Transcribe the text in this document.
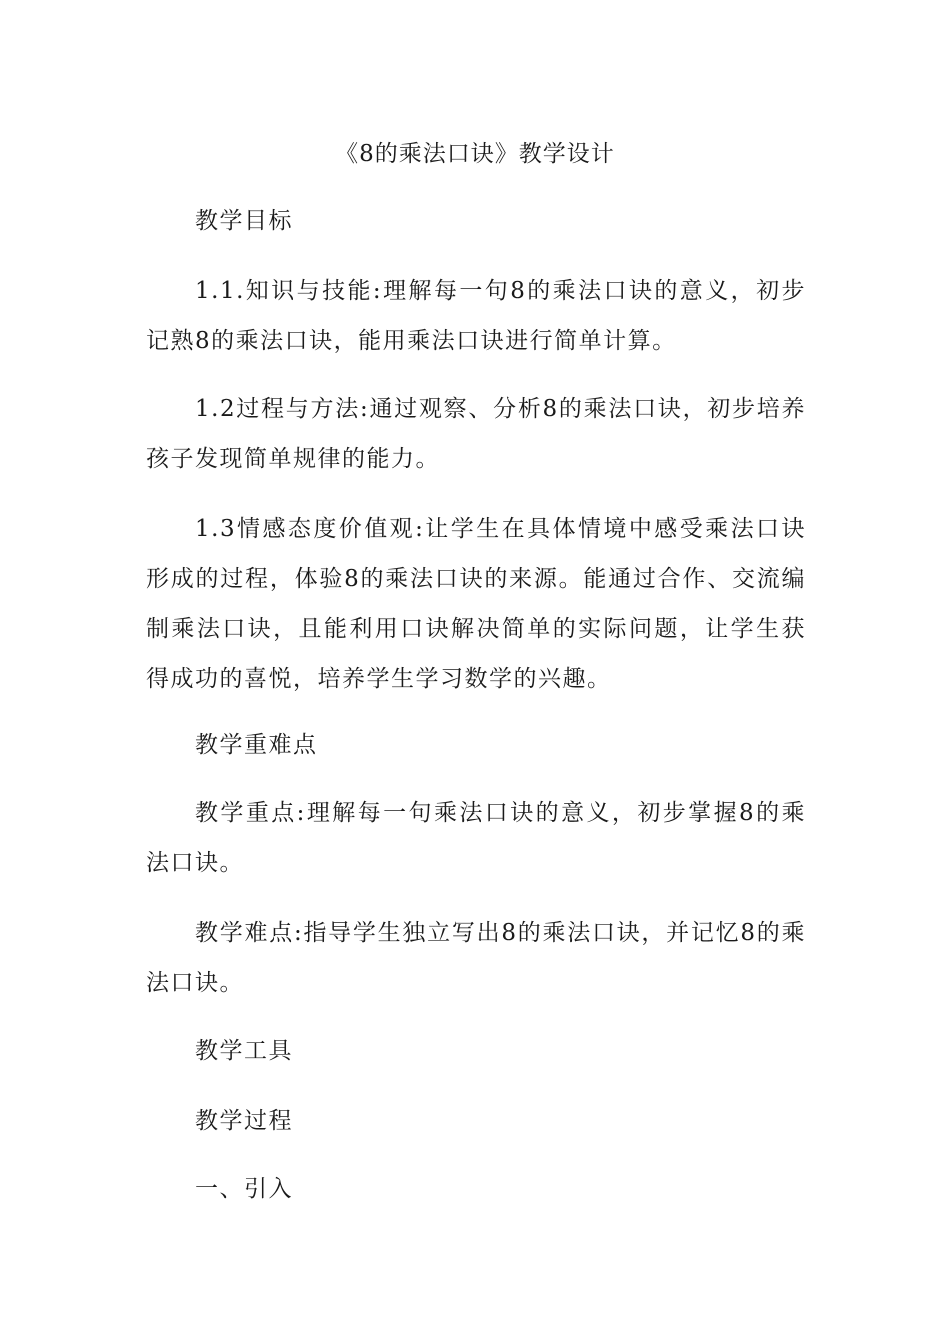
《8的乘法口诀》教学设计

教学目标

1.1.知识与技能:理解每一句8的乘法口诀的意义，初步记熟8的乘法口诀，能用乘法口诀进行简单计算。

1.2过程与方法:通过观察、分析8的乘法口诀，初步培养孩子发现简单规律的能力。

1.3情感态度价值观:让学生在具体情境中感受乘法口诀形成的过程，体验8的乘法口诀的来源。能通过合作、交流编制乘法口诀，且能利用口诀解决简单的实际问题，让学生获得成功的喜悦，培养学生学习数学的兴趣。

教学重难点

教学重点:理解每一句乘法口诀的意义，初步掌握8的乘法口诀。

教学难点:指导学生独立写出8的乘法口诀，并记忆8的乘法口诀。

教学工具

教学过程

一、引入
